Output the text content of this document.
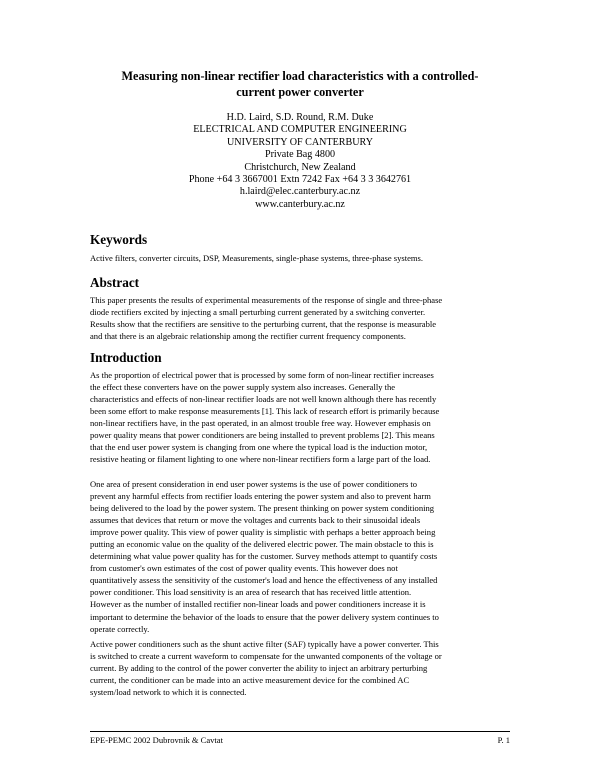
Measuring non-linear rectifier load characteristics with a controlled-
current power converter
H.D. Laird, S.D. Round, R.M. Duke
ELECTRICAL AND COMPUTER ENGINEERING
UNIVERSITY OF CANTERBURY
Private Bag 4800
Christchurch, New Zealand
Phone +64 3 3667001 Extn 7242 Fax +64 3 3 3642761
h.laird@elec.canterbury.ac.nz
www.canterbury.ac.nz
Keywords
Active filters, converter circuits, DSP, Measurements, single-phase systems, three-phase systems.
Abstract
This paper presents the results of experimental measurements of the response of single and three-phase
diode rectifiers excited by injecting a small perturbing current generated by a switching converter.
Results show that the rectifiers are sensitive to the perturbing current, that the response is measurable
and that there is an algebraic relationship among the rectifier current frequency components.
Introduction
As the proportion of electrical power that is processed by some form of non-linear rectifier increases
the effect these converters have on the power supply system also increases. Generally the
characteristics and effects of non-linear rectifier loads are not well known although there has recently
been some effort to make response measurements [1]. This lack of research effort is primarily because
non-linear rectifiers have, in the past operated, in an almost trouble free way. However emphasis on
power quality means that power conditioners are being installed to prevent problems [2]. This means
that the end user power system is changing from one where the typical load is the induction motor,
resistive heating or filament lighting to one where non-linear rectifiers form a large part of the load.
One area of present consideration in end user power systems is the use of power conditioners to
prevent any harmful effects from rectifier loads entering the power system and also to prevent harm
being delivered to the load by the power system. The present thinking on power system conditioning
assumes that devices that return or move the voltages and currents back to their sinusoidal ideals
improve power quality. This view of power quality is simplistic with perhaps a better approach being
putting an economic value on the quality of the delivered electric power. The main obstacle to this is
determining what value power quality has for the customer. Survey methods attempt to quantify costs
from customer's own estimates of the cost of power quality events. This however does not
quantitatively assess the sensitivity of the customer's load and hence the effectiveness of any installed
power conditioner. This load sensitivity is an area of research that has received little attention.
However as the number of installed rectifier non-linear loads and power conditioners increase it is
important to determine the behavior of the loads to ensure that the power delivery system continues to
operate correctly.
Active power conditioners such as the shunt active filter (SAF) typically have a power converter. This
is switched to create a current waveform to compensate for the unwanted components of the voltage or
current. By adding to the control of the power converter the ability to inject an arbitrary perturbing
current, the conditioner can be made into an active measurement device for the combined AC
system/load network to which it is connected.
EPE-PEMC 2002 Dubrovnik & Cavtat	P. 1
